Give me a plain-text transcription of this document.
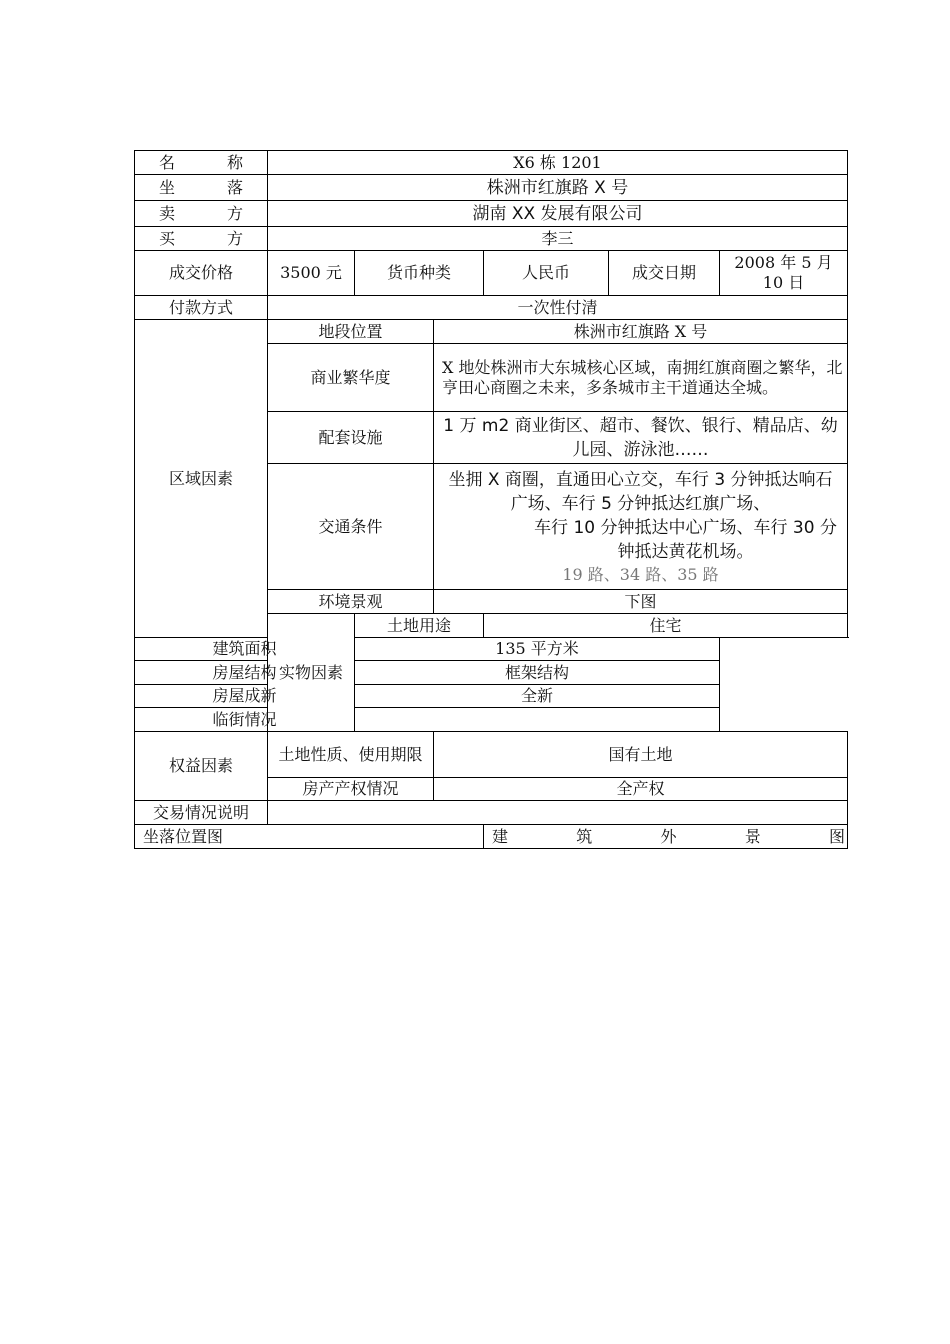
名称	X6 栋 1201					
坐落	株洲市红旗路 X 号					
卖方	湖南 XX 发展有限公司					
买方	李三					
成交价格	3500 元	货币种类		人民币	成交日期	2008 年 5 月 10 日
付款方式	一次性付清					
区域因素	地段位置		株洲市红旗路 X 号			
	商业繁华度		X 地处株洲市大东城核心区域，南拥红旗商圈之繁华，北亨田心商圈之未来，多条城市主干道通达全城。			
	配套设施		1 万 m2 商业街区、超市、餐饮、银行、精品店、幼儿园、游泳池……			
	交通条件		坐拥 X 商圈，直通田心立交，车行 3 分钟抵达响石广场、车行 5 分钟抵达红旗广场、
车行 10 分钟抵达中心广场、车行 30 分钟抵达黄花机场。
19 路、34 路、35 路			

	环境景观		下图			
	实物因素	土地用途		住宅		
建筑面积		135 平方米				
房屋结构		框架结构				
房屋成新		全新				
临街情况						
权益因素	土地性质、使用期限		国有土地			
	房产产权情况		全产权			
交易情况说明						
坐落位置图				建筑外景图		
